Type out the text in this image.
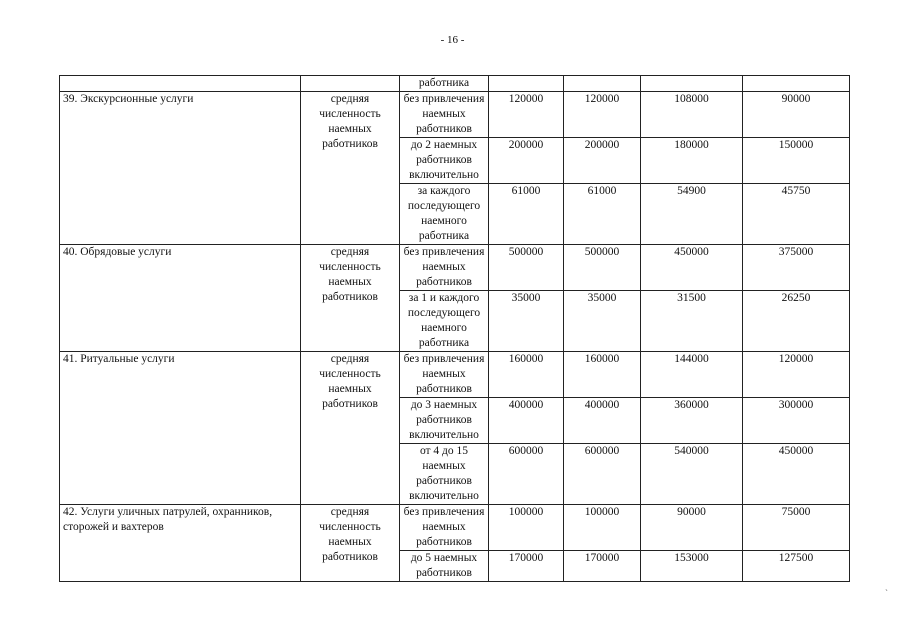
- 16 -
		работника				
39. Экскурсионные услуги	средняя численность наемных работников	без привлечения наемных работников	120000	120000	108000	90000
		до 2 наемных работников включительно	200000	200000	180000	150000
		за каждого последующего наемного работника	61000	61000	54900	45750
40. Обрядовые услуги	средняя численность наемных работников	без привлечения наемных работников	500000	500000	450000	375000
		за 1 и каждого последующего наемного работника	35000	35000	31500	26250
41. Ритуальные услуги	средняя численность наемных работников	без привлечения наемных работников	160000	160000	144000	120000
		до 3 наемных работников включительно	400000	400000	360000	300000
		от 4 до 15 наемных работников включительно	600000	600000	540000	450000
42. Услуги уличных патрулей, охранников, сторожей и вахтеров	средняя численность наемных работников	без привлечения наемных работников	100000	100000	90000	75000
		до 5 наемных работников	170000	170000	153000	127500
`
